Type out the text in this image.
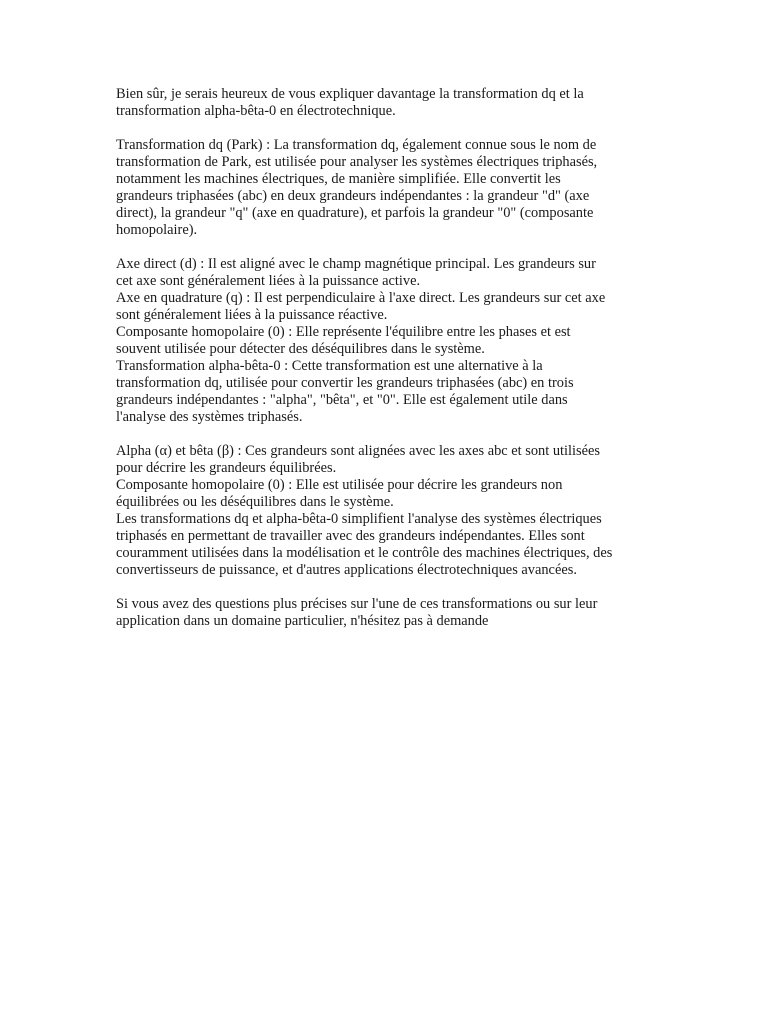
Bien sûr, je serais heureux de vous expliquer davantage la transformation dq et la
transformation alpha-bêta-0 en électrotechnique.

Transformation dq (Park) : La transformation dq, également connue sous le nom de
transformation de Park, est utilisée pour analyser les systèmes électriques triphasés,
notamment les machines électriques, de manière simplifiée. Elle convertit les
grandeurs triphasées (abc) en deux grandeurs indépendantes : la grandeur "d" (axe
direct), la grandeur "q" (axe en quadrature), et parfois la grandeur "0" (composante
homopolaire).

Axe direct (d) : Il est aligné avec le champ magnétique principal. Les grandeurs sur
cet axe sont généralement liées à la puissance active.
Axe en quadrature (q) : Il est perpendiculaire à l'axe direct. Les grandeurs sur cet axe
sont généralement liées à la puissance réactive.
Composante homopolaire (0) : Elle représente l'équilibre entre les phases et est
souvent utilisée pour détecter des déséquilibres dans le système.
Transformation alpha-bêta-0 : Cette transformation est une alternative à la
transformation dq, utilisée pour convertir les grandeurs triphasées (abc) en trois
grandeurs indépendantes : "alpha", "bêta", et "0". Elle est également utile dans
l'analyse des systèmes triphasés.

Alpha (α) et bêta (β) : Ces grandeurs sont alignées avec les axes abc et sont utilisées
pour décrire les grandeurs équilibrées.
Composante homopolaire (0) : Elle est utilisée pour décrire les grandeurs non
équilibrées ou les déséquilibres dans le système.
Les transformations dq et alpha-bêta-0 simplifient l'analyse des systèmes électriques
triphasés en permettant de travailler avec des grandeurs indépendantes. Elles sont
couramment utilisées dans la modélisation et le contrôle des machines électriques, des
convertisseurs de puissance, et d'autres applications électrotechniques avancées.

Si vous avez des questions plus précises sur l'une de ces transformations ou sur leur
application dans un domaine particulier, n'hésitez pas à demande
